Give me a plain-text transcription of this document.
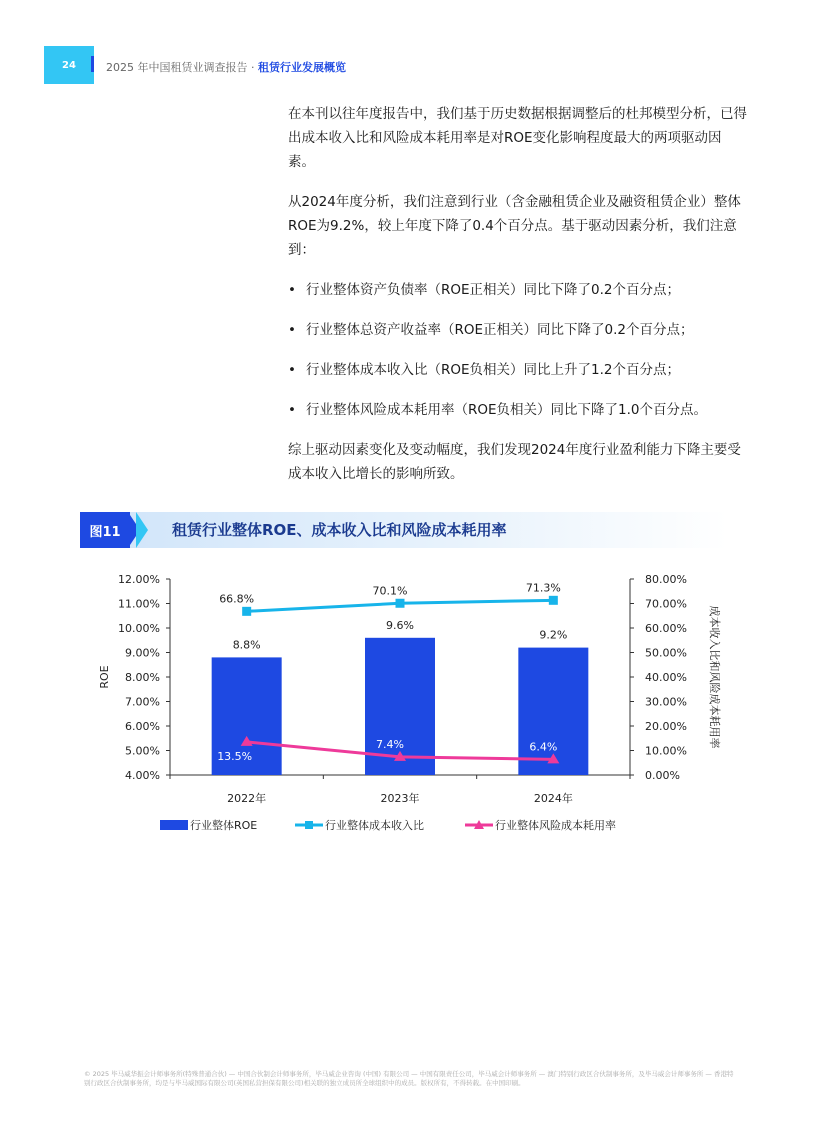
24	2025 年中国租赁业调查报告 · 租赁行业发展概览

在本刊以往年度报告中，我们基于历史数据根据调整后的杜邦模型分析，已得出成本收入比和风险成本耗用率是对ROE变化影响程度最大的两项驱动因素。

从2024年度分析，我们注意到行业（含金融租赁企业及融资租赁企业）整体ROE为9.2%，较上年度下降了0.4个百分点。基于驱动因素分析，我们注意到：

• 行业整体资产负债率（ROE正相关）同比下降了0.2个百分点；
• 行业整体总资产收益率（ROE正相关）同比下降了0.2个百分点；
• 行业整体成本收入比（ROE负相关）同比上升了1.2个百分点；
• 行业整体风险成本耗用率（ROE负相关）同比下降了1.0个百分点。

综上驱动因素变化及变动幅度，我们发现2024年度行业盈利能力下降主要受成本收入比增长的影响所致。

图11	租赁行业整体ROE、成本收入比和风险成本耗用率
4.00%
5.00%
6.00%
7.00%
8.00%
9.00%
10.00%
11.00%
12.00%
0.00%
10.00%
20.00%
30.00%
40.00%
50.00%
60.00%
70.00%
80.00%
2022年	2023年	2024年
ROE	成本收入比和风险成本耗用率
8.8%
9.6%
9.2%
66.8%
70.1%	71.3%
13.5%
7.4%	6.4%
行业整体ROE	行业整体成本收入比	行业整体风险成本耗用率
© 2025 毕马威华振会计师事务所(特殊普通合伙) — 中国合伙制会计师事务所，毕马威企业咨询 (中国) 有限公司 — 中国有限责任公司，毕马威会计师事务所 — 澳门特别行政区合伙制事务所，及毕马威会计师事务所 — 香港特别行政区合伙制事务所，均是与毕马威国际有限公司(英国私营担保有限公司)相关联的独立成员所全球组织中的成员。版权所有，不得转载。在中国印刷。
